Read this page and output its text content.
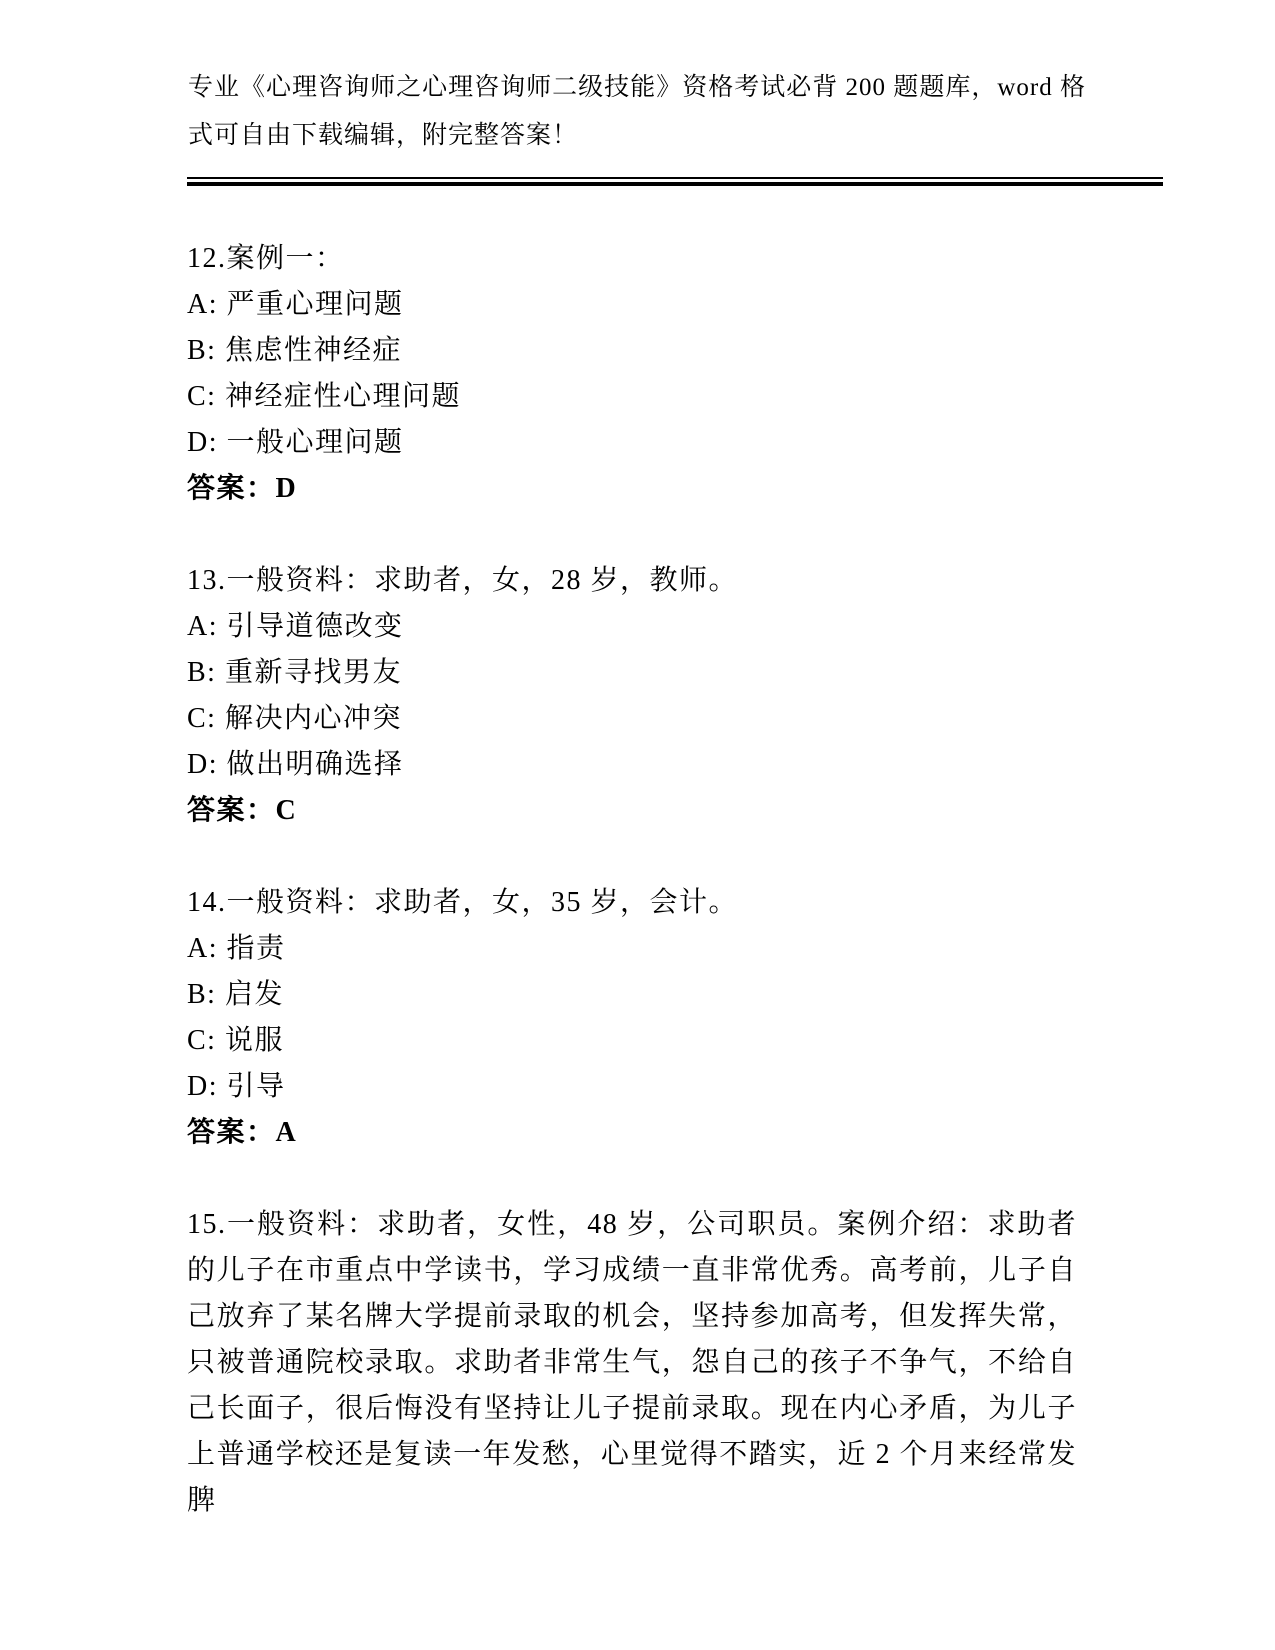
专业《心理咨询师之心理咨询师二级技能》资格考试必背 200 题题库，word 格式可自由下载编辑，附完整答案！

12.案例一：

A: 严重心理问题

B: 焦虑性神经症

C: 神经症性心理问题

D: 一般心理问题

答案：D

13.一般资料：求助者，女，28 岁，教师。

A: 引导道德改变

B: 重新寻找男友

C: 解决内心冲突

D: 做出明确选择

答案：C

14.一般资料：求助者，女，35 岁，会计。

A: 指责

B: 启发

C: 说服

D: 引导

答案：A

15.一般资料：求助者，女性，48 岁，公司职员。案例介绍：求助者的儿子在市重点中学读书，学习成绩一直非常优秀。高考前，儿子自己放弃了某名牌大学提前录取的机会，坚持参加高考，但发挥失常，只被普通院校录取。求助者非常生气，怨自己的孩子不争气，不给自己长面子，很后悔没有坚持让儿子提前录取。现在内心矛盾，为儿子上普通学校还是复读一年发愁，心里觉得不踏实，近 2 个月来经常发脾
